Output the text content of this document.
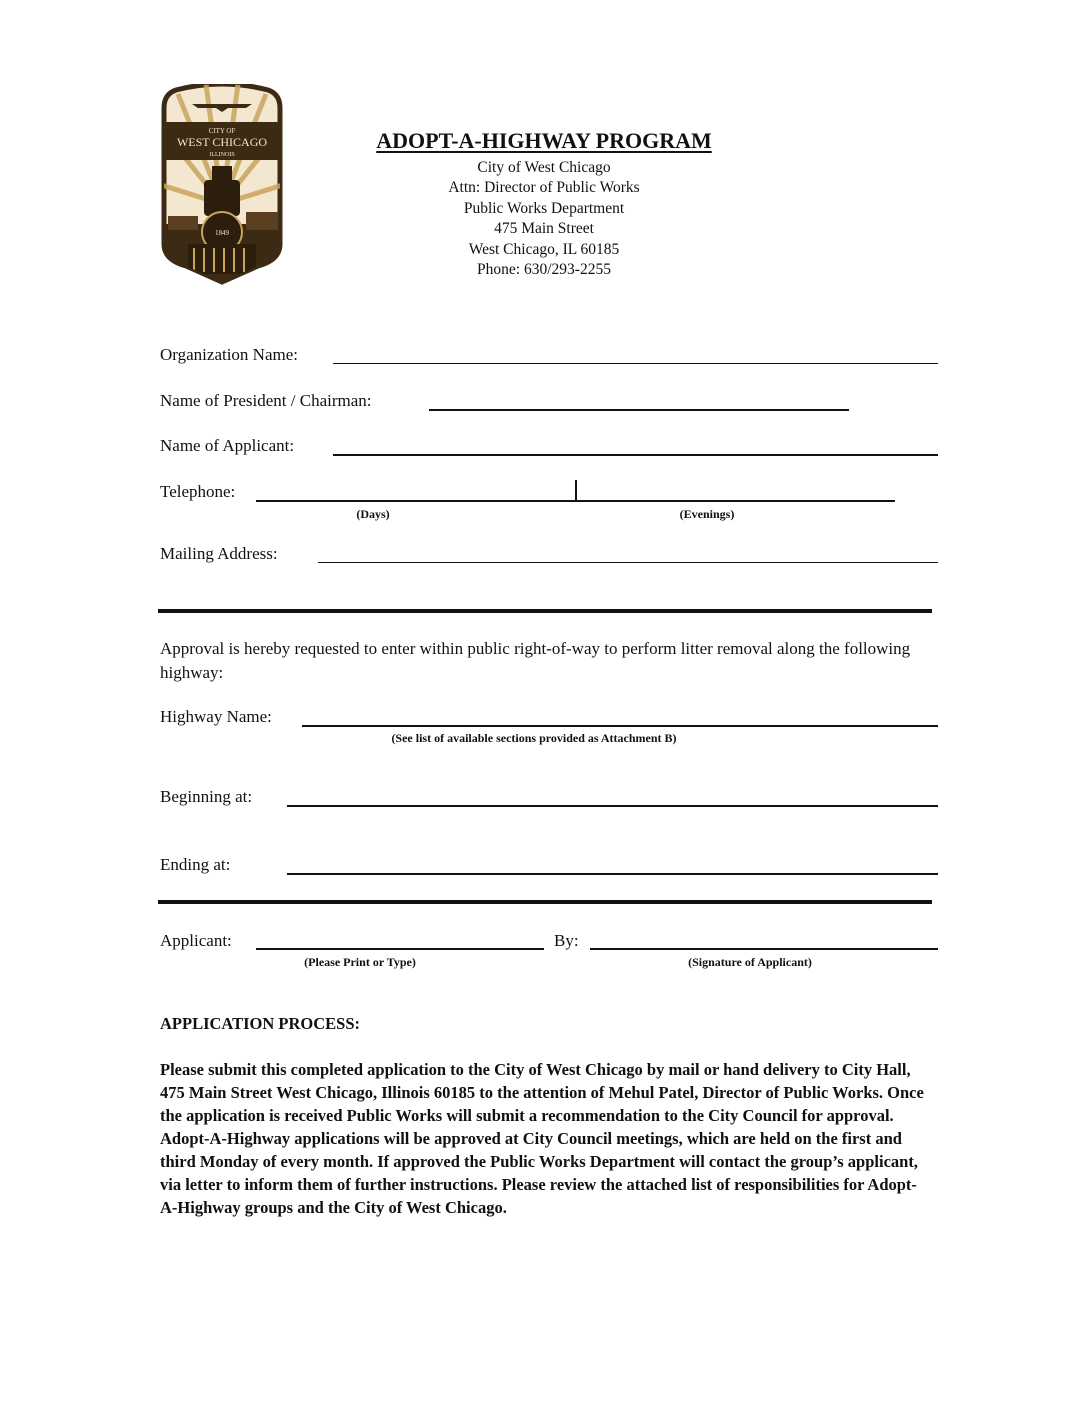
CITY OF
WEST CHICAGO
ILLINOIS
1849
ADOPT-A-HIGHWAY PROGRAM
City of West Chicago
Attn: Director of Public Works
Public Works Department
475 Main Street
West Chicago, IL 60185
Phone: 630/293-2255
Organization Name:
Name of President / Chairman:
Name of Applicant:
Telephone:
(Days)	(Evenings)
Mailing Address:
Approval is hereby requested to enter within public right-of-way to perform litter removal along the following highway:
Highway Name:
(See list of available sections provided as Attachment B)
Beginning at:
Ending at:
Applicant:
(Please Print or Type)
By:
(Signature of Applicant)
APPLICATION PROCESS:
Please submit this completed application to the City of West Chicago by mail or hand delivery to City Hall, 475 Main Street West Chicago, Illinois 60185 to the attention of Mehul Patel, Director of Public Works. Once the application is received Public Works will submit a recommendation to the City Council for approval. Adopt-A-Highway applications will be approved at City Council meetings, which are held on the first and third Monday of every month. If approved the Public Works Department will contact the group’s applicant, via letter to inform them of further instructions. Please review the attached list of responsibilities for Adopt-A-Highway groups and the City of West Chicago.
